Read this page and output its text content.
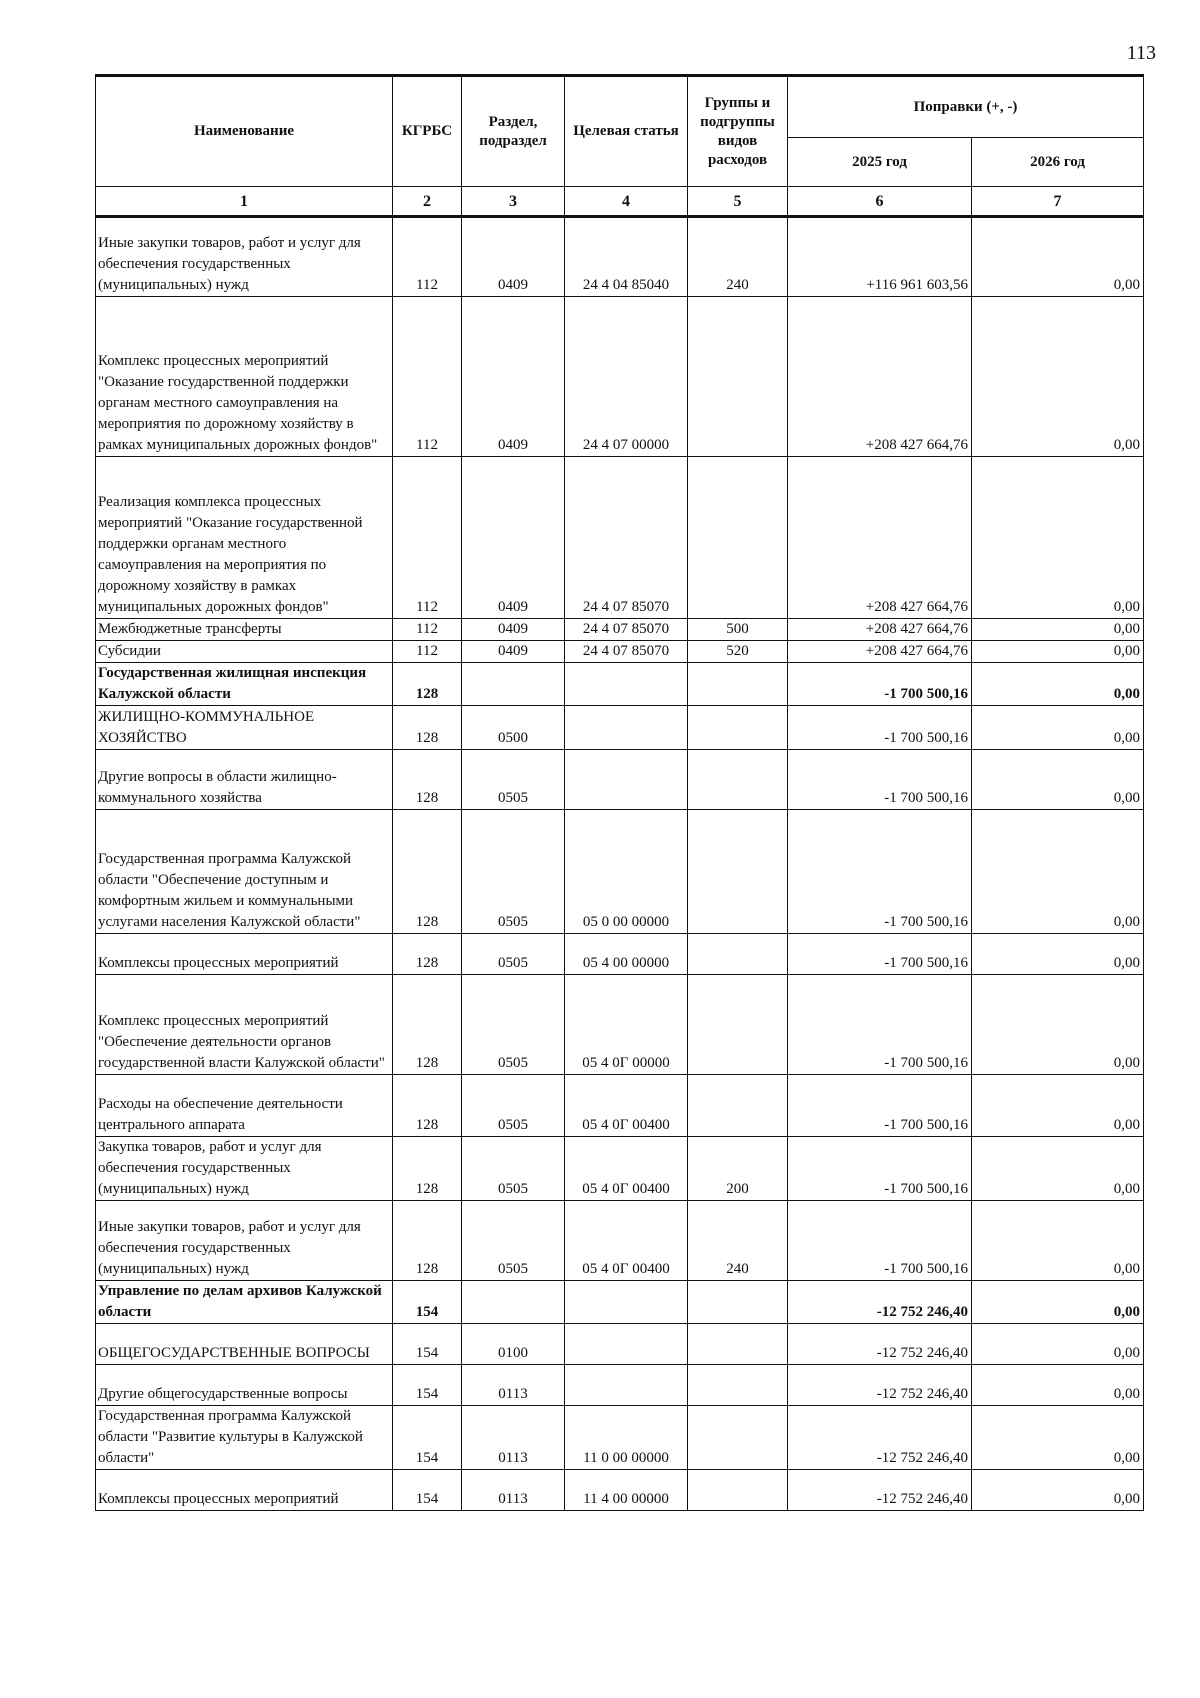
113
Наименование	КГРБС	Раздел, подраздел	Целевая статья	Группы и подгруппы видов расходов	Поправки (+, -)	
					2025 год	2026 год
1	2	3	4	5	6	7
Иные закупки товаров, работ и услуг для обеспечения государственных (муниципальных) нужд	112	0409	24 4 04 85040	240	+116 961 603,56	0,00
Комплекс процессных мероприятий "Оказание государственной поддержки органам местного самоуправления на мероприятия по дорожному хозяйству в рамках муниципальных дорожных фондов"	112	0409	24 4 07 00000		+208 427 664,76	0,00
Реализация комплекса процессных мероприятий "Оказание государственной поддержки органам местного самоуправления на мероприятия по дорожному хозяйству в рамках муниципальных дорожных фондов"	112	0409	24 4 07 85070		+208 427 664,76	0,00
Межбюджетные трансферты	112	0409	24 4 07 85070	500	+208 427 664,76	0,00
Субсидии	112	0409	24 4 07 85070	520	+208 427 664,76	0,00
Государственная жилищная инспекция Калужской области	128				-1 700 500,16	0,00
ЖИЛИЩНО-КОММУНАЛЬНОЕ ХОЗЯЙСТВО	128	0500			-1 700 500,16	0,00
Другие вопросы в области жилищно-коммунального хозяйства	128	0505			-1 700 500,16	0,00
Государственная программа Калужской области "Обеспечение доступным и комфортным жильем и коммунальными услугами населения Калужской области"	128	0505	05 0 00 00000		-1 700 500,16	0,00
Комплексы процессных мероприятий	128	0505	05 4 00 00000		-1 700 500,16	0,00
Комплекс процессных мероприятий "Обеспечение деятельности органов государственной власти Калужской области"	128	0505	05 4 0Г 00000		-1 700 500,16	0,00
Расходы на обеспечение деятельности центрального аппарата	128	0505	05 4 0Г 00400		-1 700 500,16	0,00
Закупка товаров, работ и услуг для обеспечения государственных (муниципальных) нужд	128	0505	05 4 0Г 00400	200	-1 700 500,16	0,00
Иные закупки товаров, работ и услуг для обеспечения государственных (муниципальных) нужд	128	0505	05 4 0Г 00400	240	-1 700 500,16	0,00
Управление по делам архивов Калужской области	154				-12 752 246,40	0,00
ОБЩЕГОСУДАРСТВЕННЫЕ ВОПРОСЫ	154	0100			-12 752 246,40	0,00
Другие общегосударственные вопросы	154	0113			-12 752 246,40	0,00
Государственная программа Калужской области "Развитие культуры в Калужской области"	154	0113	11 0 00 00000		-12 752 246,40	0,00
Комплексы процессных мероприятий	154	0113	11 4 00 00000		-12 752 246,40	0,00
